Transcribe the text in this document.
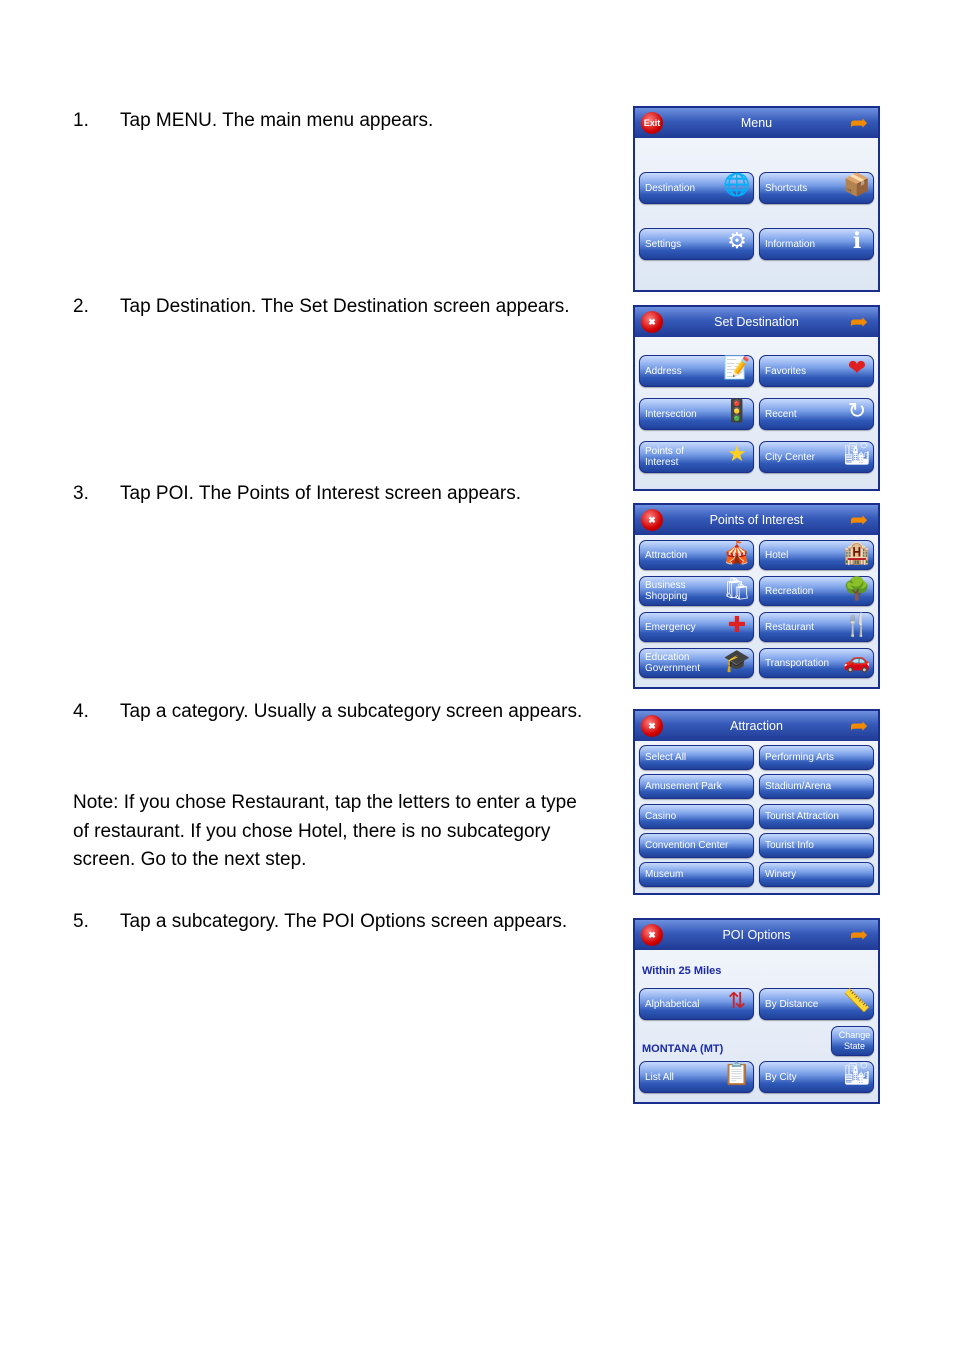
1. Tap MENU. The main menu appears.
2. Tap Destination. The Set Destination screen appears.
3. Tap POI. The Points of Interest screen appears.
4. Tap a category. Usually a subcategory screen appears.
Note: If you chose Restaurant, tap the letters to enter a type of restaurant. If you chose Hotel, there is no subcategory screen. Go to the next step.
5. Tap a subcategory. The POI Options screen appears.
Exit	Menu	➦
Destination 🌐 Shortcuts 📦
Settings ⚙	Information	ℹ
✖	Set Destination ➦
Address 📝 Favorites ❤
Intersection 🚦 Recent ↻
Points of Interest	★	City Center 🏙
✖	Points of Interest ➦
Attraction 🎪 Hotel 🏨
Business Shopping	🛍 Recreation 🌳
Emergency ✚	Restaurant 🍴
Education Government	🎓 Transportation 🚗
✖	Attraction	➦
Select All	Performing Arts
Amusement Park	Stadium/Arena
Casino	Tourist Attraction
Convention Center	Tourist Info
Museum	Winery
✖	POI Options	➦
Within 25 Miles
Alphabetical ⇅	By Distance 📏
MONTANA (MT)
Change State
List All 📋 By City 🏙
